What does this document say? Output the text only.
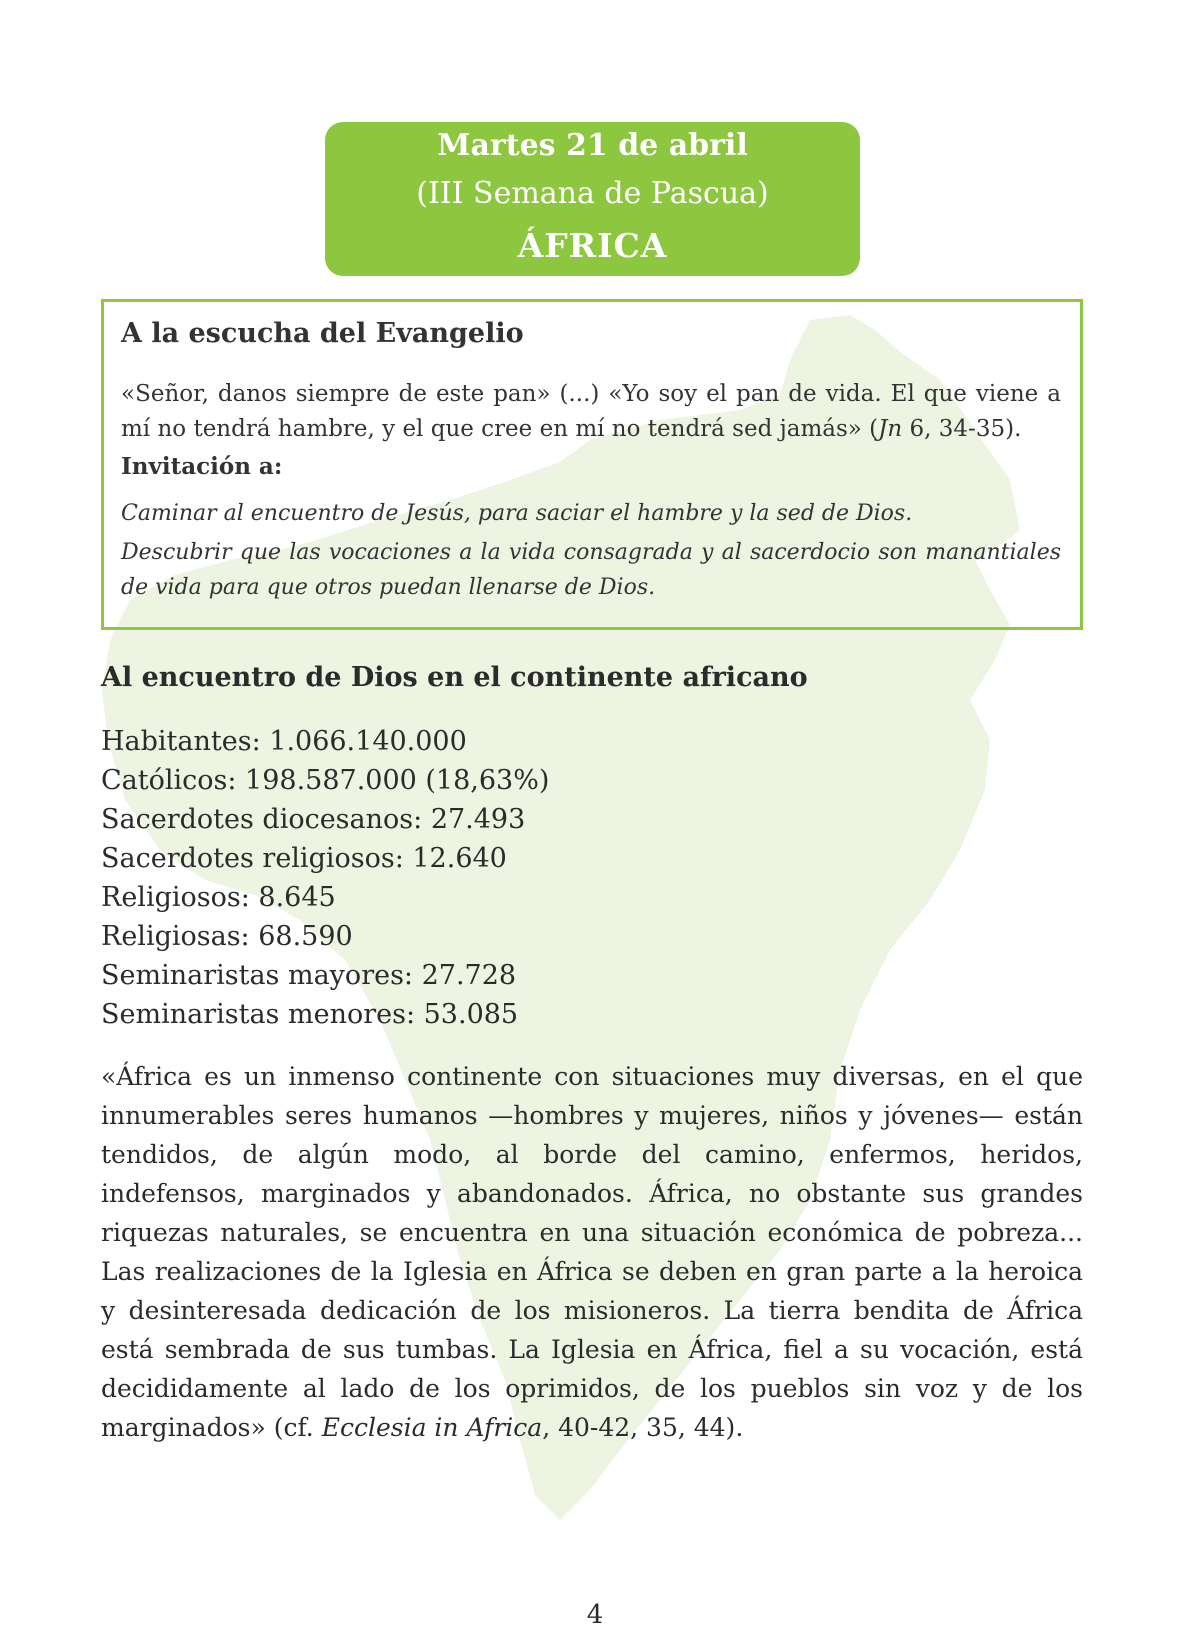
Martes 21 de abril
(III Semana de Pascua)
ÁFRICA
A la escucha del Evangelio

«Señor, danos siempre de este pan» (...) «Yo soy el pan de vida. El que viene a mí no tendrá hambre, y el que cree en mí no tendrá sed jamás» (Jn 6, 34-35).

Invitación a:

Caminar al encuentro de Jesús, para saciar el hambre y la sed de Dios.

Descubrir que las vocaciones a la vida consagrada y al sacerdocio son manantiales de vida para que otros puedan llenarse de Dios.

Al encuentro de Dios en el continente africano
Habitantes: 1.066.140.000
Católicos: 198.587.000 (18,63%)
Sacerdotes diocesanos: 27.493
Sacerdotes religiosos: 12.640
Religiosos: 8.645
Religiosas: 68.590
Seminaristas mayores: 27.728
Seminaristas menores: 53.085

«África es un inmenso continente con situaciones muy diversas, en el que innumerables seres humanos —hombres y mujeres, niños y jóvenes— están tendidos, de algún modo, al borde del camino, enfermos, heridos, indefensos, marginados y abandonados. África, no obstante sus grandes riquezas naturales, se encuentra en una situación económica de pobreza... Las realizaciones de la Iglesia en África se deben en gran parte a la heroica y desinteresada dedicación de los misioneros. La tierra bendita de África está sembrada de sus tumbas. La Iglesia en África, fiel a su vocación, está decididamente al lado de los oprimidos, de los pueblos sin voz y de los marginados» (cf. Ecclesia in Africa, 40-42, 35, 44).

4
